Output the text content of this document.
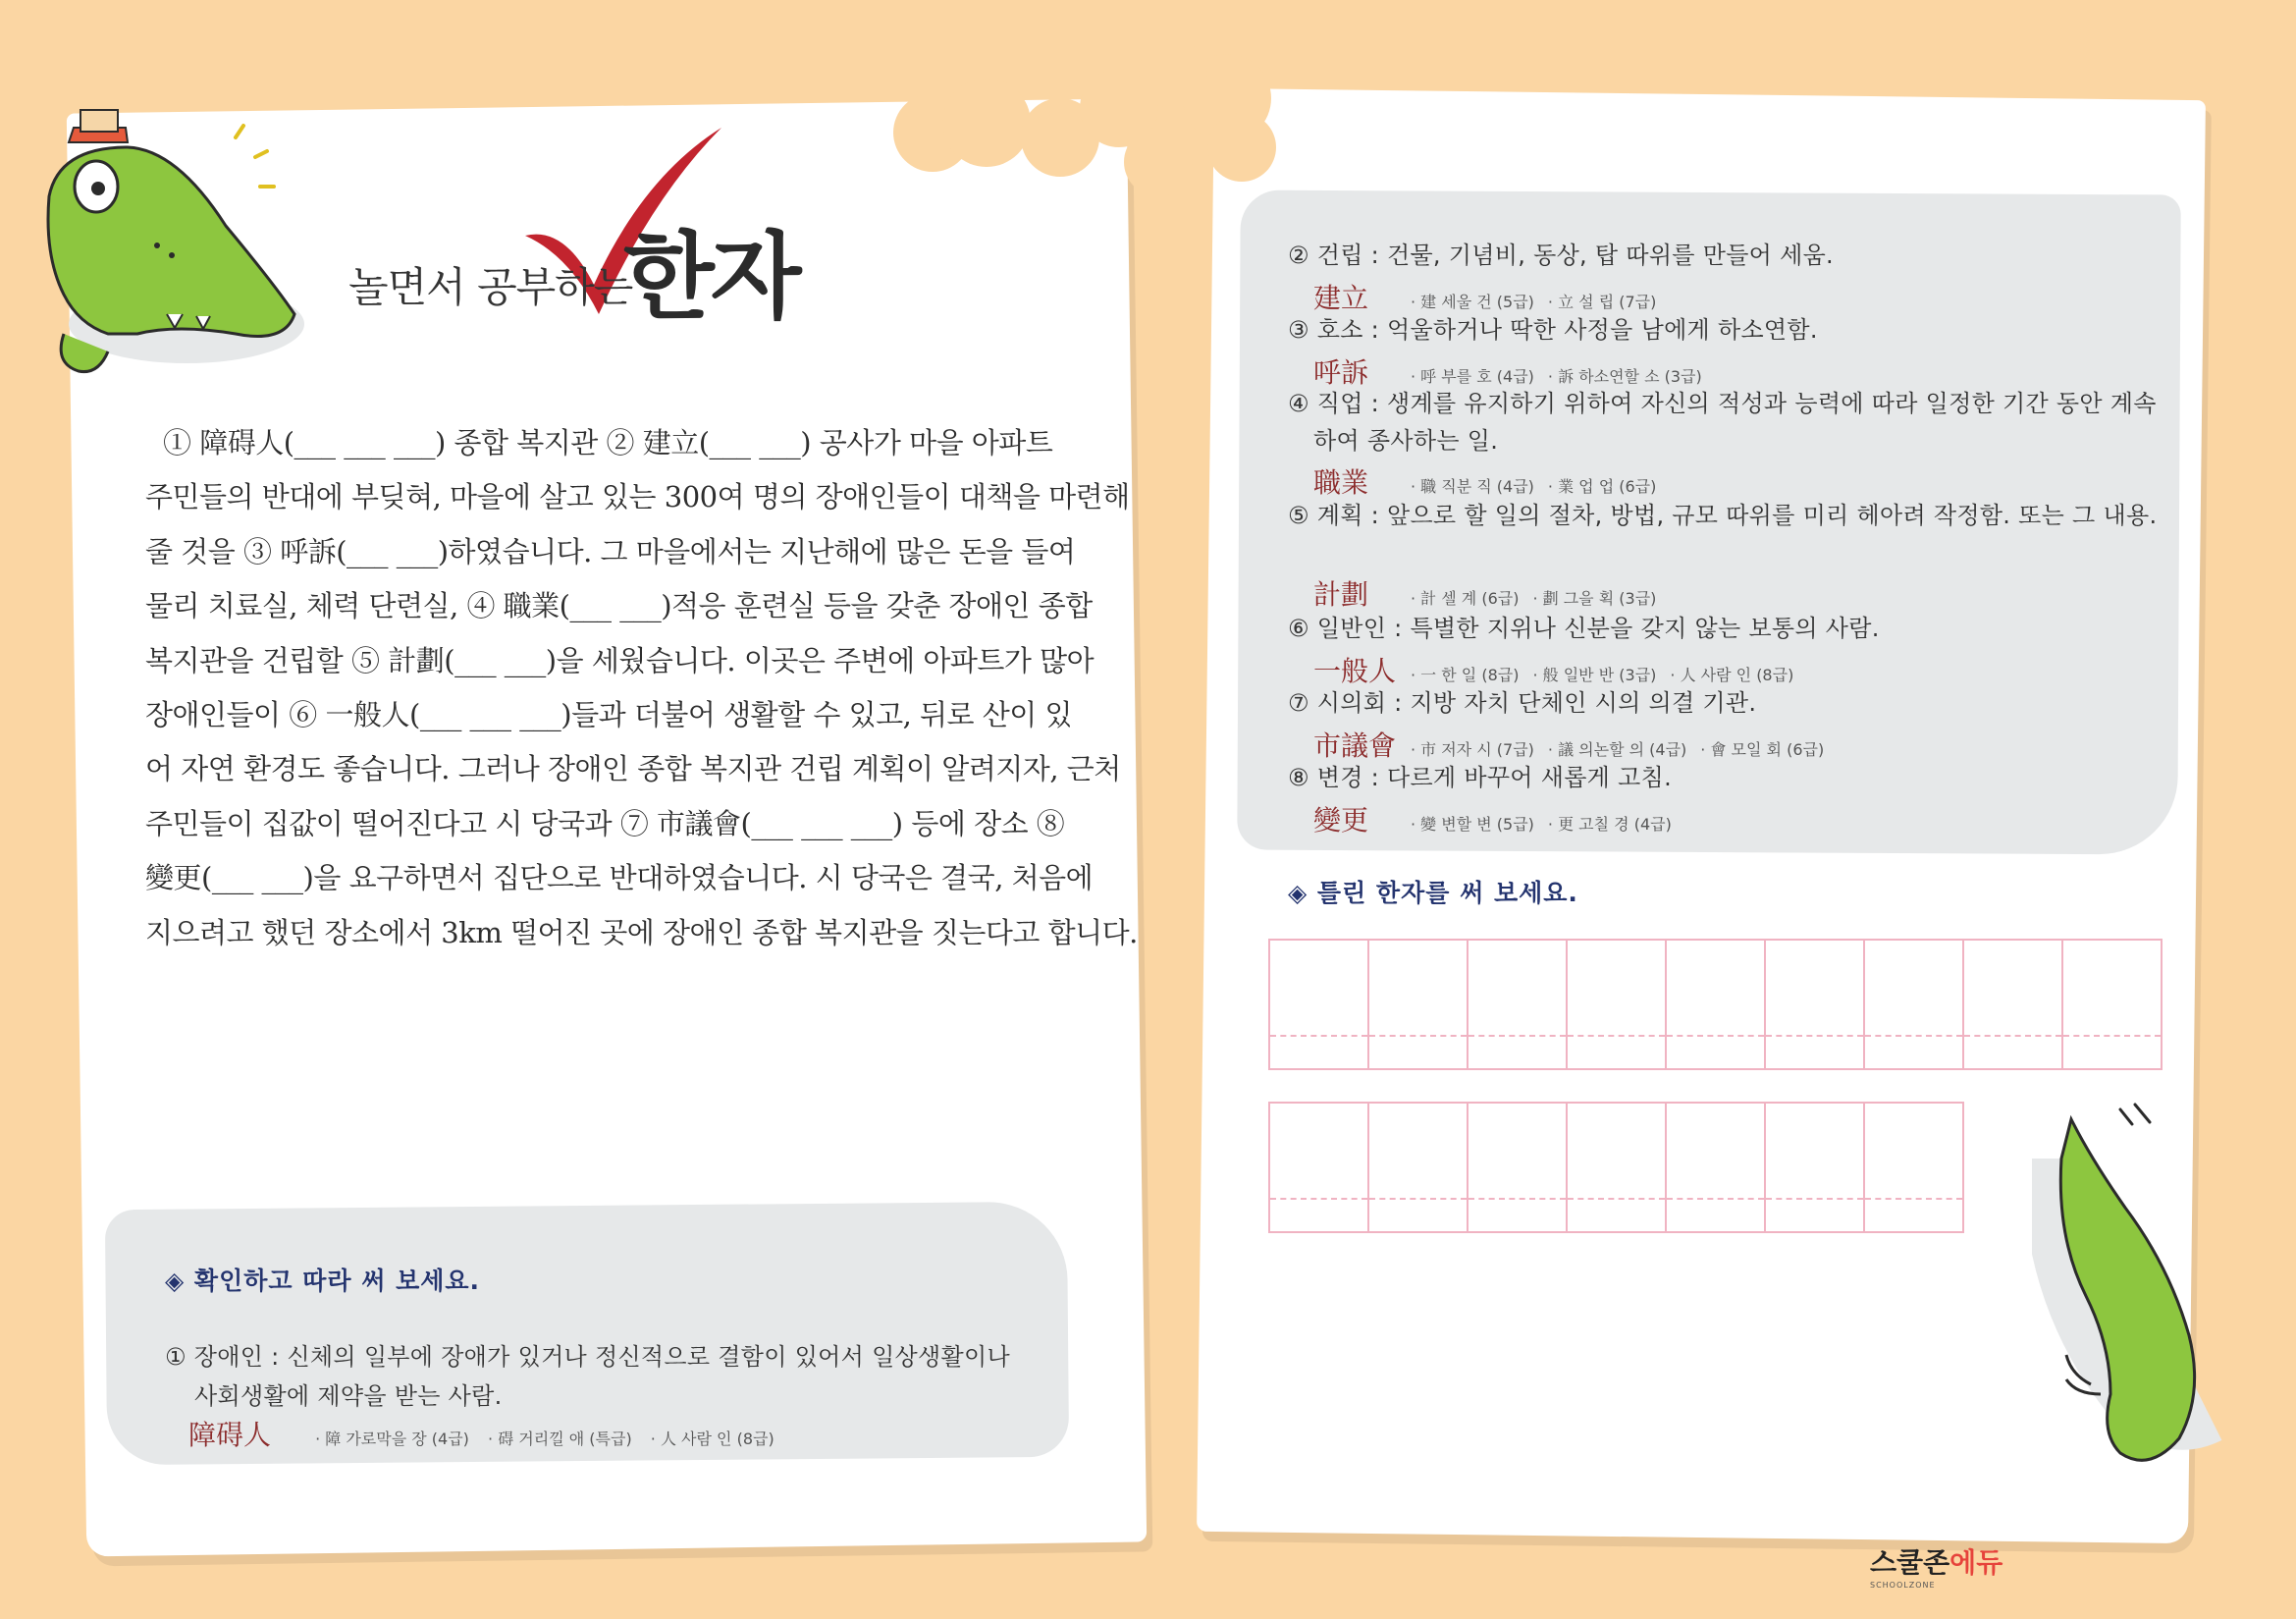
놀면서 공부하는
한자
① 障碍人(___ ___ ___) 종합 복지관 ② 建立(___ ___) 공사가 마을 아파트
주민들의 반대에 부딪혀, 마을에 살고 있는 300여 명의 장애인들이 대책을 마련해
줄 것을 ③ 呼訴(___ ___)하였습니다. 그 마을에서는 지난해에 많은 돈을 들여
물리 치료실, 체력 단련실, ④ 職業(___ ___)적응 훈련실 등을 갖춘 장애인 종합
복지관을 건립할 ⑤ 計劃(___ ___)을 세웠습니다. 이곳은 주변에 아파트가 많아
장애인들이 ⑥ 一般人(___ ___ ___)들과 더불어 생활할 수 있고, 뒤로 산이 있
어 자연 환경도 좋습니다. 그러나 장애인 종합 복지관 건립 계획이 알려지자, 근처
주민들이 집값이 떨어진다고 시 당국과 ⑦ 市議會(___ ___ ___) 등에 장소 ⑧
變更(___ ___)을 요구하면서 집단으로 반대하였습니다. 시 당국은 결국, 처음에
지으려고 했던 장소에서 3km 떨어진 곳에 장애인 종합 복지관을 짓는다고 합니다.
◈ 확인하고 따라 써 보세요.
① 장애인 : 신체의 일부에 장애가 있거나 정신적으로 결함이 있어서 일상생활이나
사회생활에 제약을 받는 사람.
障碍人	· 障 가로막을 장 (4급) · 碍 거리낄 애 (특급) · 人 사람 인 (8급)
② 건립 : 건물, 기념비, 동상, 탑 따위를 만들어 세움.
建立	· 建 세울 건 (5급) · 立 설 립 (7급)
③ 호소 : 억울하거나 딱한 사정을 남에게 하소연함.
呼訴	· 呼 부를 호 (4급) · 訴 하소연할 소 (3급)
④ 직업 : 생계를 유지하기 위하여 자신의 적성과 능력에 따라 일정한 기간 동안 계속하여 종사하는 일.
職業	· 職 직분 직 (4급) · 業 업 업 (6급)
⑤ 계획 : 앞으로 할 일의 절차, 방법, 규모 따위를 미리 헤아려 작정함. 또는 그 내용.
計劃	· 計 셀 계 (6급) · 劃 그을 획 (3급)
⑥ 일반인 : 특별한 지위나 신분을 갖지 않는 보통의 사람.
一般人 · 一 한 일 (8급) · 般 일반 반 (3급) · 人 사람 인 (8급)
⑦ 시의회 : 지방 자치 단체인 시의 의결 기관.
市議會 · 市 저자 시 (7급) · 議 의논할 의 (4급) · 會 모일 회 (6급)
⑧ 변경 : 다르게 바꾸어 새롭게 고침.
變更	· 變 변할 변 (5급) · 更 고칠 경 (4급)
◈ 틀린 한자를 써 보세요.
스쿨존에듀
SCHOOLZONE
